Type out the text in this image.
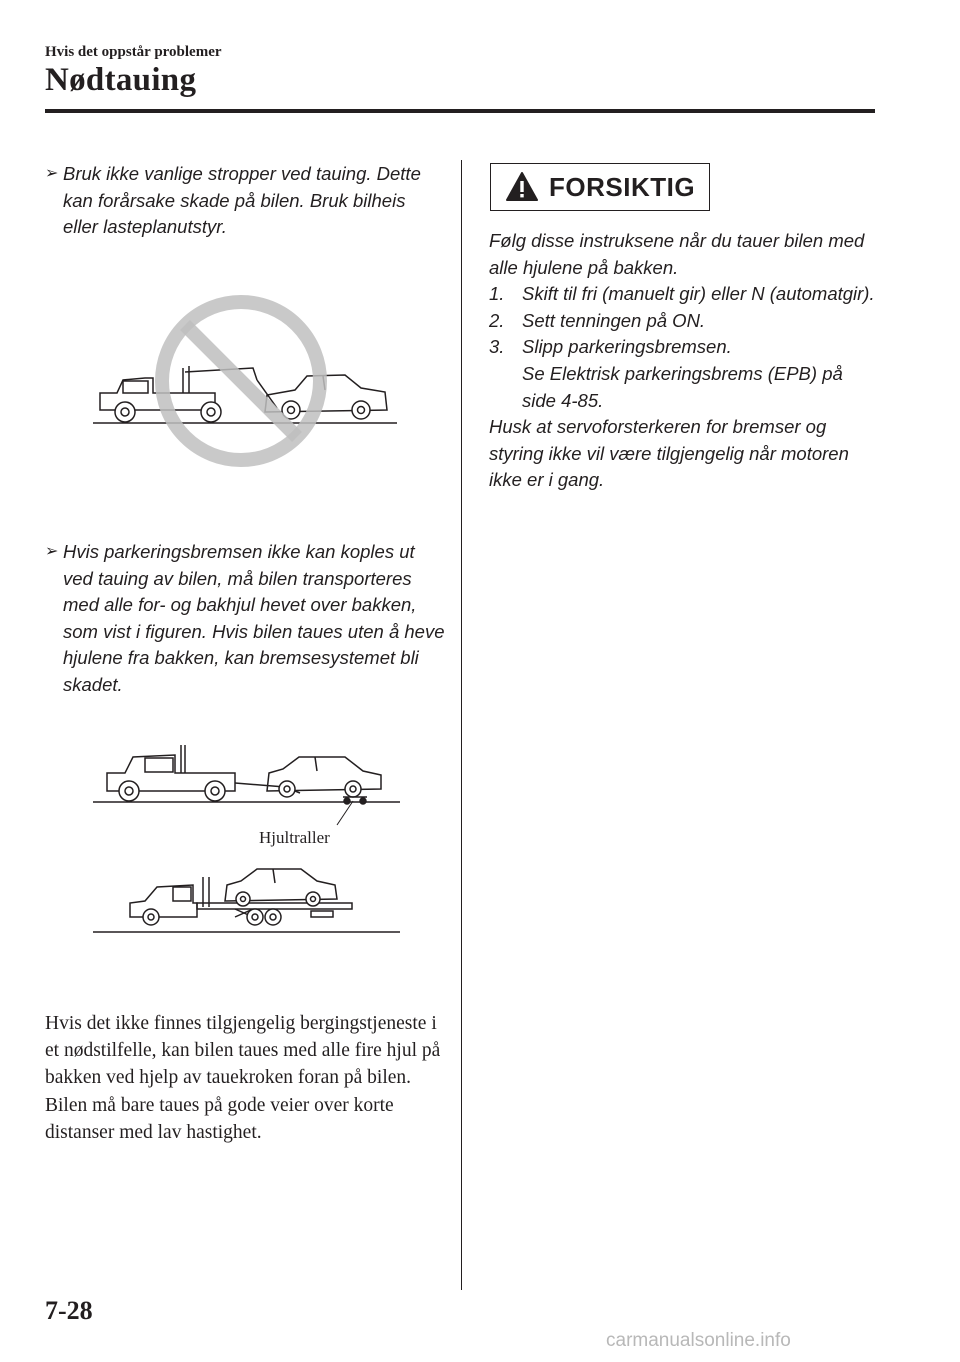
Hvis det oppstår problemer
Nødtauing
➢ Bruk ikke vanlige stropper ved tauing. Dette kan forårsake skade på bilen. Bruk bilheis eller lasteplanutstyr.
➢ Hvis parkeringsbremsen ikke kan koples ut ved tauing av bilen, må bilen transporteres med alle for- og bakhjul hevet over bakken, som vist i figuren. Hvis bilen taues uten å heve hjulene fra bakken, kan bremsesystemet bli skadet.
Hjultraller

Hvis det ikke finnes tilgjengelig bergingstjeneste i et nødstilfelle, kan bilen taues med alle fire hjul på bakken ved hjelp av tauekroken foran på bilen.

Bilen må bare taues på gode veier over korte distanser med lav hastighet.

FORSIKTIG

Følg disse instruksene når du tauer bilen med alle hjulene på bakken.

1. Skift til fri (manuelt gir) eller N (automatgir).
2. Sett tenningen på ON.
3. Slipp parkeringsbremsen.
Se Elektrisk parkeringsbrems (EPB) på side 4-85.

Husk at servoforsterkeren for bremser og styring ikke vil være tilgjengelig når motoren ikke er i gang.

7-28
carmanualsonline.info
